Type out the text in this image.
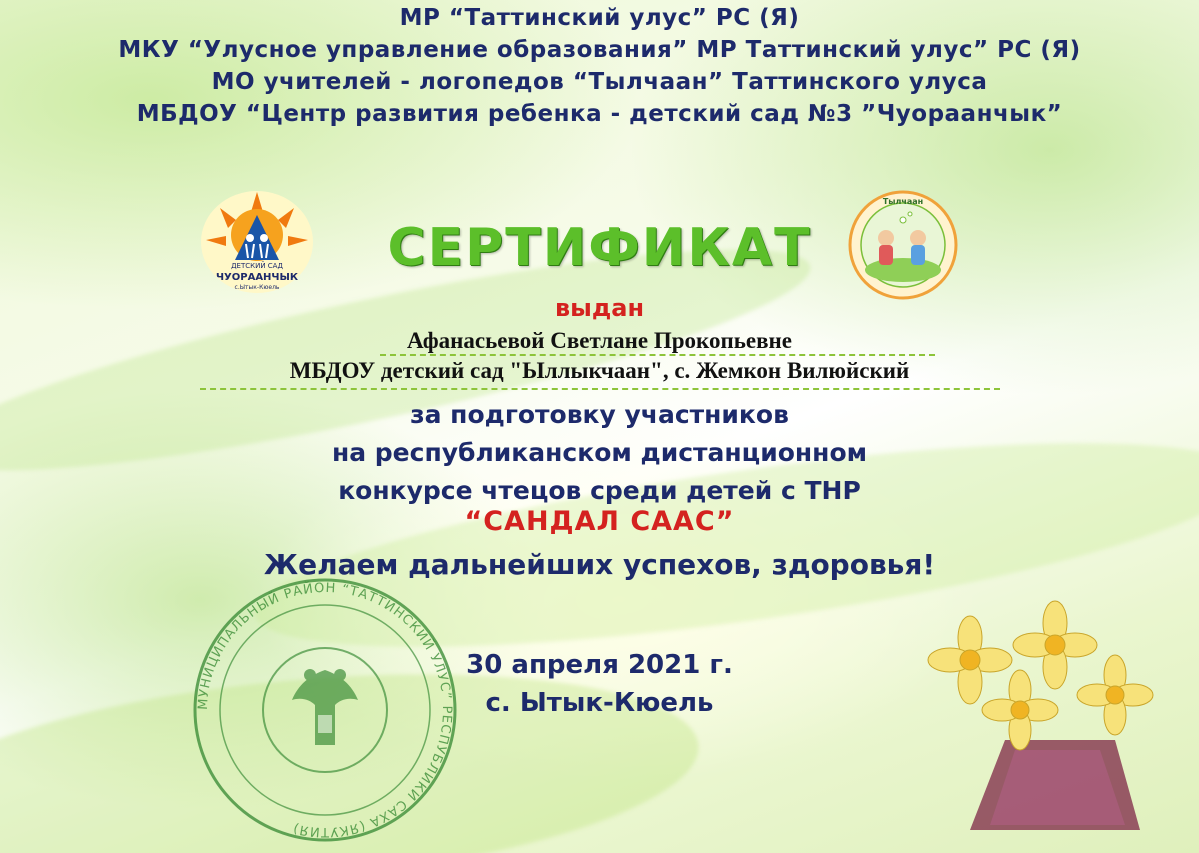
МР “Таттинский улус” РС (Я)
МКУ “Улусное управление образования” МР Таттинский улус” РС (Я)
МО учителей - логопедов “Тылчаан” Таттинского улуса
МБДОУ “Центр развития ребенка - детский сад №3 ”Чуораанчык”
ДЕТСКИЙ САД
ЧУОРААНЧЫК
с.Ытык-Кюель
Тылчаан
СЕРТИФИКАТ
выдан
Афанасьевой Светлане Прокопьевне
МБДОУ детский сад "Ыллыкчаан", с. Жемкон Вилюйский
за подготовку участников
на республиканском дистанционном
конкурсе чтецов среди детей с ТНР
“САНДАЛ СААС”
Желаем дальнейших успехов, здоровья!
30 апреля 2021 г.
с. Ытык-Кюель
МУНИЦИПАЛЬНЫЙ РАЙОН “ТАТТИНСКИЙ УЛУС” РЕСПУБЛИКИ САХА (ЯКУТИЯ)
